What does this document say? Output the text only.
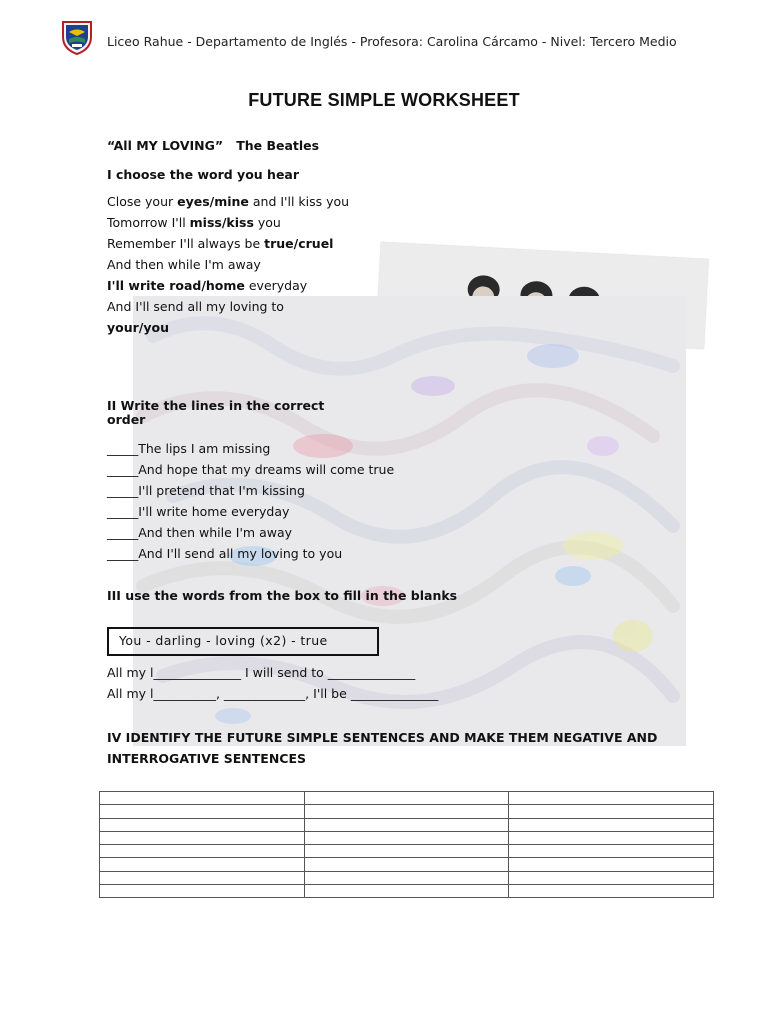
Liceo Rahue - Departamento de Inglés - Profesora: Carolina Cárcamo - Nivel: Tercero Medio
FUTURE SIMPLE WORKSHEET
“All MY LOVING” The Beatles
I choose the word you hear
Close your eyes/mine and I'll kiss you
Tomorrow I'll miss/kiss you
Remember I'll always be true/cruel
And then while I'm away
I'll write road/home everyday
And I'll send all my loving to
your/you
II Write the lines in the correct
order
_____The lips I am missing
_____And hope that my dreams will come true
_____I'll pretend that I'm kissing
_____I'll write home everyday
_____And then while I'm away
_____And I'll send all my loving to you
III use the words from the box to fill in the blanks
You - darling - loving (x2) - true
All my l______________ I will send to ______________
All my l__________, _____________, I'll be ______________
IV IDENTIFY THE FUTURE SIMPLE SENTENCES AND MAKE THEM NEGATIVE AND
INTERROGATIVE SENTENCES
